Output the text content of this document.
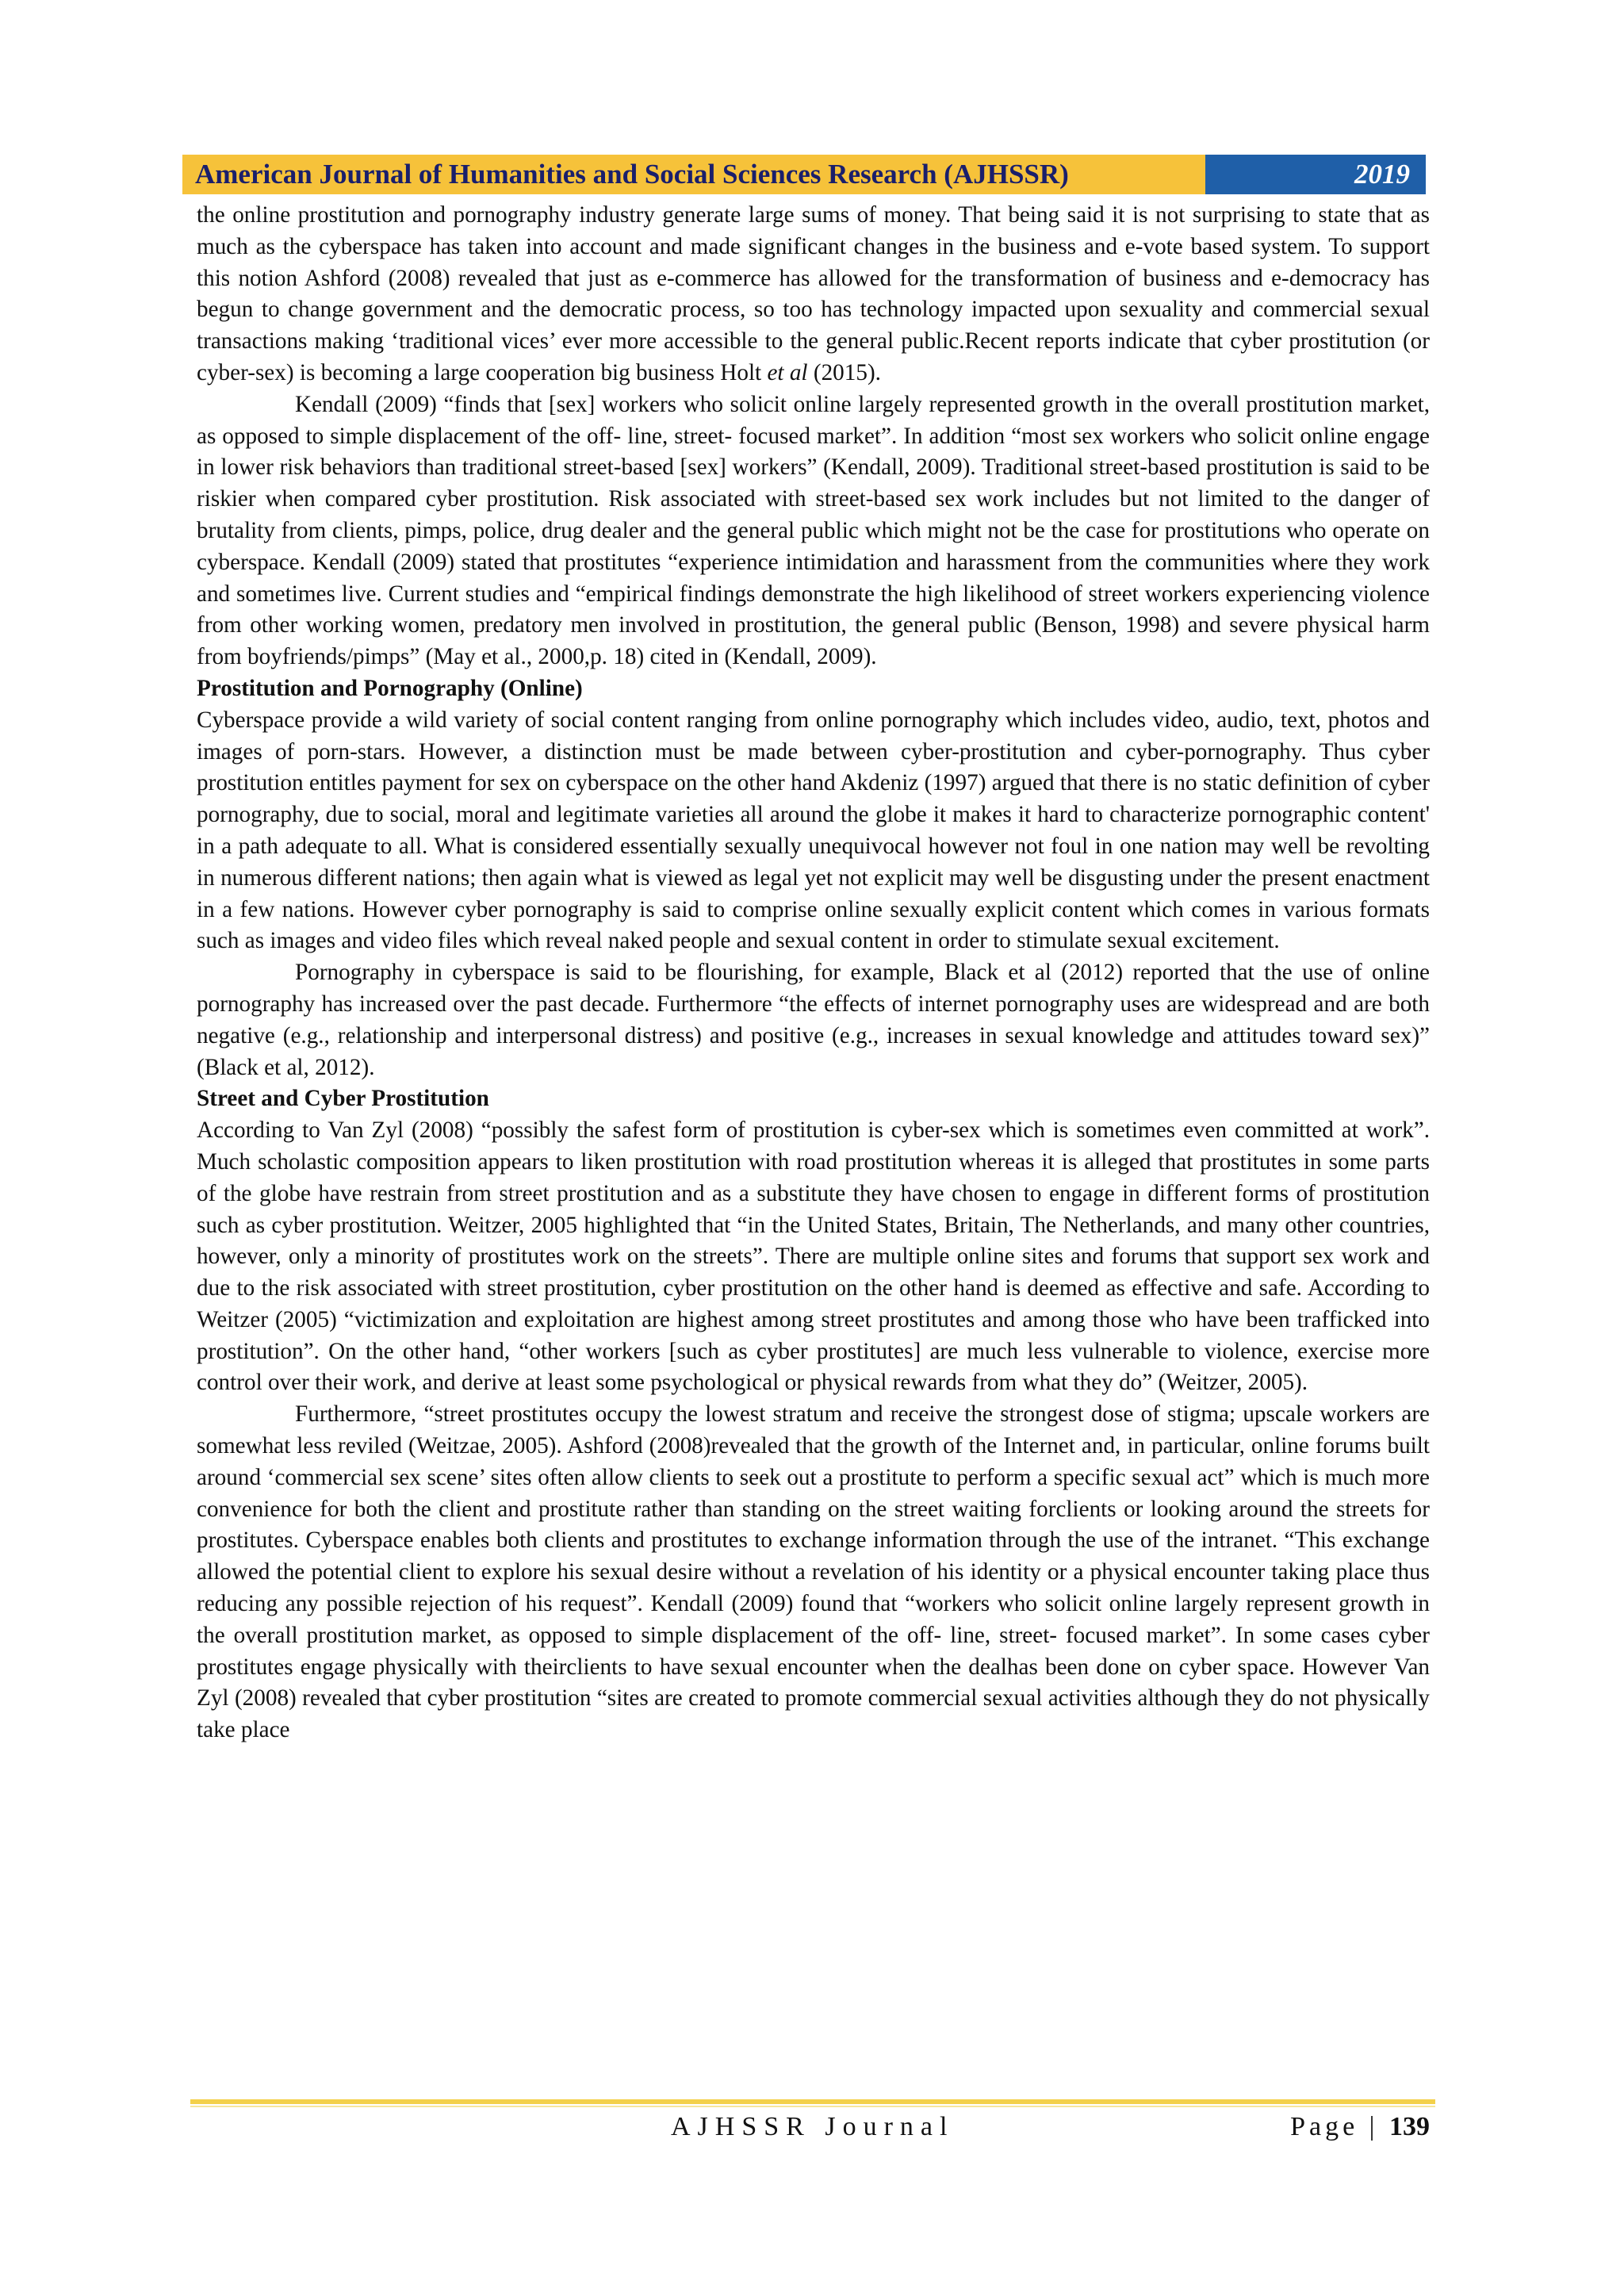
American Journal of Humanities and Social Sciences Research (AJHSSR)	2019

the online prostitution and pornography industry generate large sums of money. That being said it is not surprising to state that as much as the cyberspace has taken into account and made significant changes in the business and e-vote based system. To support this notion Ashford (2008) revealed that just as e-commerce has allowed for the transformation of business and e-democracy has begun to change government and the democratic process, so too has technology impacted upon sexuality and commercial sexual transactions making ‘traditional vices’ ever more accessible to the general public.Recent reports indicate that cyber prostitution (or cyber-sex) is becoming a large cooperation big business Holt et al (2015).

Kendall (2009) “finds that [sex] workers who solicit online largely represented growth in the overall prostitution market, as opposed to simple displacement of the off- line, street- focused market”. In addition “most sex workers who solicit online engage in lower risk behaviors than traditional street-based [sex] workers” (Kendall, 2009). Traditional street-based prostitution is said to be riskier when compared cyber prostitution. Risk associated with street-based sex work includes but not limited to the danger of brutality from clients, pimps, police, drug dealer and the general public which might not be the case for prostitutions who operate on cyberspace. Kendall (2009) stated that prostitutes “experience intimidation and harassment from the communities where they work and sometimes live. Current studies and “empirical findings demonstrate the high likelihood of street workers experiencing violence from other working women, predatory men involved in prostitution, the general public (Benson, 1998) and severe physical harm from boyfriends/pimps” (May et al., 2000,p. 18) cited in (Kendall, 2009).

Prostitution and Pornography (Online)

Cyberspace provide a wild variety of social content ranging from online pornography which includes video, audio, text, photos and images of porn-stars. However, a distinction must be made between cyber-prostitution and cyber-pornography. Thus cyber prostitution entitles payment for sex on cyberspace on the other hand Akdeniz (1997) argued that there is no static definition of cyber pornography, due to social, moral and legitimate varieties all around the globe it makes it hard to characterize pornographic content' in a path adequate to all. What is considered essentially sexually unequivocal however not foul in one nation may well be revolting in numerous different nations; then again what is viewed as legal yet not explicit may well be disgusting under the present enactment in a few nations. However cyber pornography is said to comprise online sexually explicit content which comes in various formats such as images and video files which reveal naked people and sexual content in order to stimulate sexual excitement.

Pornography in cyberspace is said to be flourishing, for example, Black et al (2012) reported that the use of online pornography has increased over the past decade. Furthermore “the effects of internet pornography uses are widespread and are both negative (e.g., relationship and interpersonal distress) and positive (e.g., increases in sexual knowledge and attitudes toward sex)” (Black et al, 2012).

Street and Cyber Prostitution

According to Van Zyl (2008) “possibly the safest form of prostitution is cyber-sex which is sometimes even committed at work”. Much scholastic composition appears to liken prostitution with road prostitution whereas it is alleged that prostitutes in some parts of the globe have restrain from street prostitution and as a substitute they have chosen to engage in different forms of prostitution such as cyber prostitution. Weitzer, 2005 highlighted that “in the United States, Britain, The Netherlands, and many other countries, however, only a minority of prostitutes work on the streets”. There are multiple online sites and forums that support sex work and due to the risk associated with street prostitution, cyber prostitution on the other hand is deemed as effective and safe. According to Weitzer (2005) “victimization and exploitation are highest among street prostitutes and among those who have been trafficked into prostitution”. On the other hand, “other workers [such as cyber prostitutes] are much less vulnerable to violence, exercise more control over their work, and derive at least some psychological or physical rewards from what they do” (Weitzer, 2005).

Furthermore, “street prostitutes occupy the lowest stratum and receive the strongest dose of stigma; upscale workers are somewhat less reviled (Weitzae, 2005). Ashford (2008)revealed that the growth of the Internet and, in particular, online forums built around ‘commercial sex scene’ sites often allow clients to seek out a prostitute to perform a specific sexual act” which is much more convenience for both the client and prostitute rather than standing on the street waiting forclients or looking around the streets for prostitutes. Cyberspace enables both clients and prostitutes to exchange information through the use of the intranet. “This exchange allowed the potential client to explore his sexual desire without a revelation of his identity or a physical encounter taking place thus reducing any possible rejection of his request”. Kendall (2009) found that “workers who solicit online largely represent growth in the overall prostitution market, as opposed to simple displacement of the off- line, street- focused market”. In some cases cyber prostitutes engage physically with theirclients to have sexual encounter when the dealhas been done on cyber space. However Van Zyl (2008) revealed that cyber prostitution “sites are created to promote commercial sexual activities although they do not physically take place

AJHSSR Journal	Page | 139
